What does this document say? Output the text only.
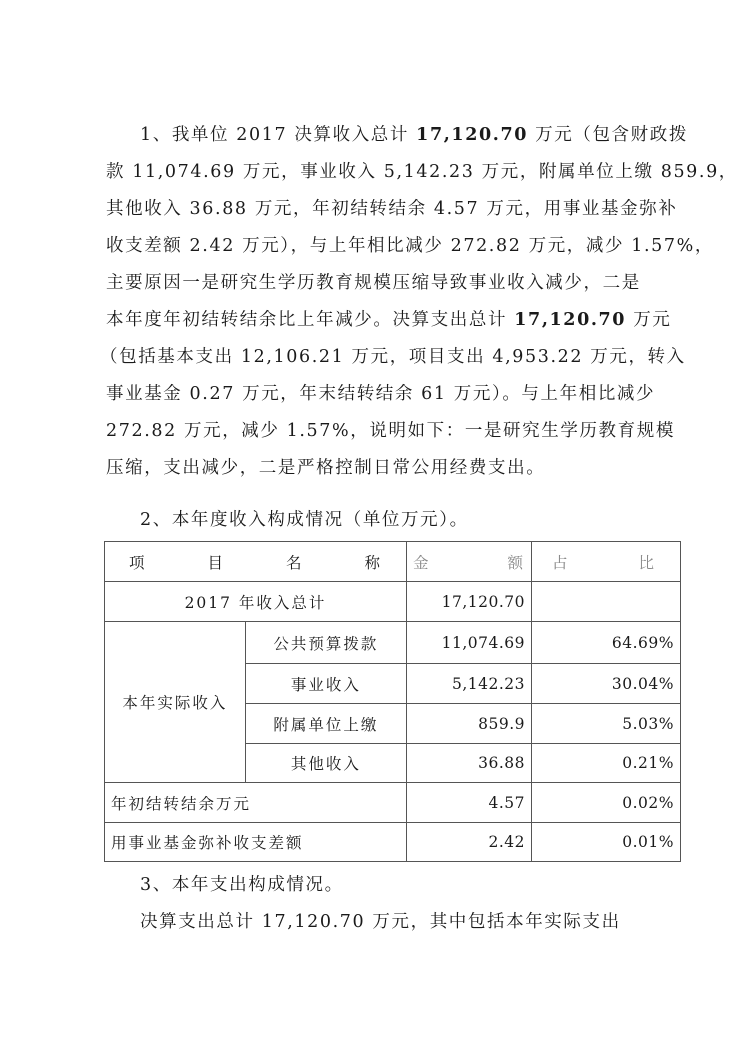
1、我单位 2017 决算收入总计 17,120.70 万元（包含财政拨
款 11,074.69 万元，事业收入 5,142.23 万元，附属单位上缴 859.9，
其他收入 36.88 万元，年初结转结余 4.57 万元，用事业基金弥补
收支差额 2.42 万元），与上年相比减少 272.82 万元，减少 1.57%，
主要原因一是研究生学历教育规模压缩导致事业收入减少，二是
本年度年初结转结余比上年减少。决算支出总计 17,120.70 万元
（包括基本支出 12,106.21 万元，项目支出 4,953.22 万元，转入
事业基金 0.27 万元，年末结转结余 61 万元）。与上年相比减少
272.82 万元，减少 1.57%，说明如下：一是研究生学历教育规模
压缩，支出减少，二是严格控制日常公用经费支出。
2、本年度收入构成情况（单位万元）。
项 目 名 称		金 额	占 比

2017 年收入总计		17,120.70	
本年实际收入	公共预算拨款	11,074.69	64.69%
	事业收入	5,142.23	30.04%
	附属单位上缴	859.9	5.03%
	其他收入	36.88	0.21%
年初结转结余万元		4.57	0.02%
用事业基金弥补收支差额		2.42	0.01%
3、本年支出构成情况。
决算支出总计 17,120.70 万元，其中包括本年实际支出
